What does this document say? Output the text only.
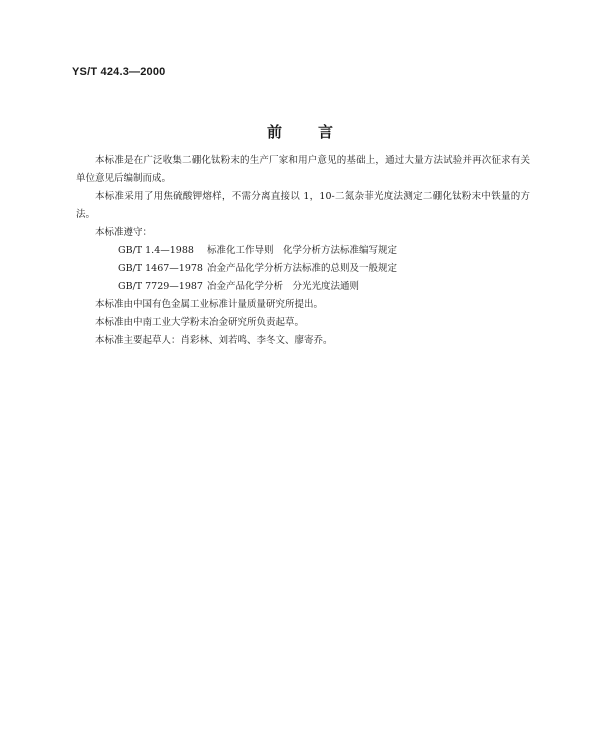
YS/T 424.3—2000
前 言

本标准是在广泛收集二硼化钛粉末的生产厂家和用户意见的基础上，通过大量方法试验并再次征求有关单位意见后编制而成。

本标准采用了用焦硫酸钾熔样，不需分离直接以 1，10-二氮杂菲光度法测定二硼化钛粉末中铁量的方法。

本标准遵守：

GB/T 1.4—1988 标准化工作导则　化学分析方法标准编写规定
GB/T 1467—1978 冶金产品化学分析方法标准的总则及一般规定
GB/T 7729—1987 冶金产品化学分析　分光光度法通则

本标准由中国有色金属工业标准计量质量研究所提出。

本标准由中南工业大学粉末冶金研究所负责起草。

本标准主要起草人：肖彩林、刘若鸣、李冬文、廖寄乔。
